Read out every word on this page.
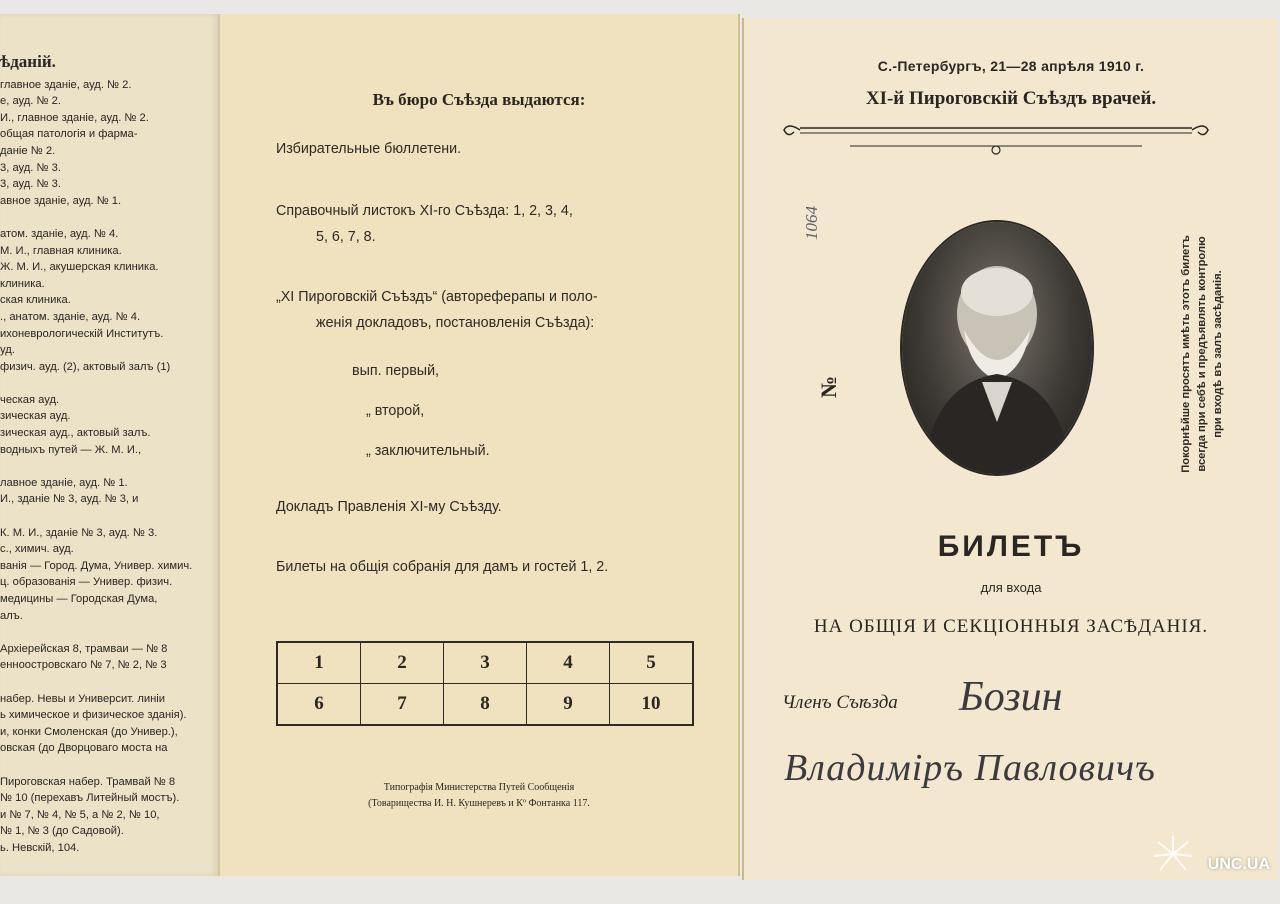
ѣданій.
главное зданіе, ауд. № 2.
е, ауд. № 2.
И., главное зданіе, ауд. № 2.
общая патологія и фарма-
даніе № 2.
3, ауд. № 3.
3, ауд. № 3.
авное зданіе, ауд. № 1.

атом. зданіе, ауд. № 4.
М. И., главная клиника.
Ж. М. И., акушерская клиника.
клиника.
ская клиника.
., анатом. зданіе, ауд. № 4.
ихоневрологическій Институтъ.
уд.
физич. ауд. (2), актовый залъ (1)

ческая ауд.
зическая ауд.
зическая ауд., актовый залъ.
водныхъ путей — Ж. М. И.,

лавное зданіе, ауд. № 1.
И., зданіе № 3, ауд. № 3, и

К. М. И., зданіе № 3, ауд. № 3.
с., химич. ауд.
ванія — Город. Дума, Универ. химич.
ц. образованія — Универ. физич.
медицины — Городская Дума,
алъ.

Архіерейская 8, трамваи — № 8
енноостровскаго № 7, № 2, № 3

набер. Невы и Университ. линіи
ь химическое и физическое зданія).
и, конки Смоленская (до Универ.),
овская (до Дворцоваго моста на

Пироговская набер. Трамвай № 8
№ 10 (перехавъ Литейный мостъ).
и № 7, № 4, № 5, а № 2, № 10,
№ 1, № 3 (до Садовой).
ь. Невскій, 104.
Въ бюро Съѣзда выдаются:
Избирательные бюллетени.
Справочный листокъ XI-го Съѣзда: 1, 2, 3, 4,
5, 6, 7, 8.
„XI Пироговскій Съѣздъ“ (автореферапы и поло-
женія докладовъ, постановленія Съѣзда):
вып. первый,
„ второй,
„ заключительный.
Докладъ Правленія XI-му Съѣзду.
Билеты на общія собранія для дамъ и гостей 1, 2.
1	2	3	4	5
6	7	8	9	10
Типографія Министерства Путей Сообщенія
(Товарищества И. Н. Кушнеревъ и Кº Фонтанка 117.
С.-Петербургъ, 21—28 апрѣля 1910 г.
XI-й Пироговскій Съѣздъ врачей.
1064
№	Покорнѣйше просятъ имѣть этотъ билетъ всегда при себѣ и предъявлять контролю при входѣ въ залъ засѣданія.
БИЛЕТЪ
для входа
НА ОБЩІЯ И СЕКЦІОННЫЯ ЗАСѢДАНІЯ.
Членъ Съѣзда Бозин
Владиміръ Павловичъ
UNC.UA
